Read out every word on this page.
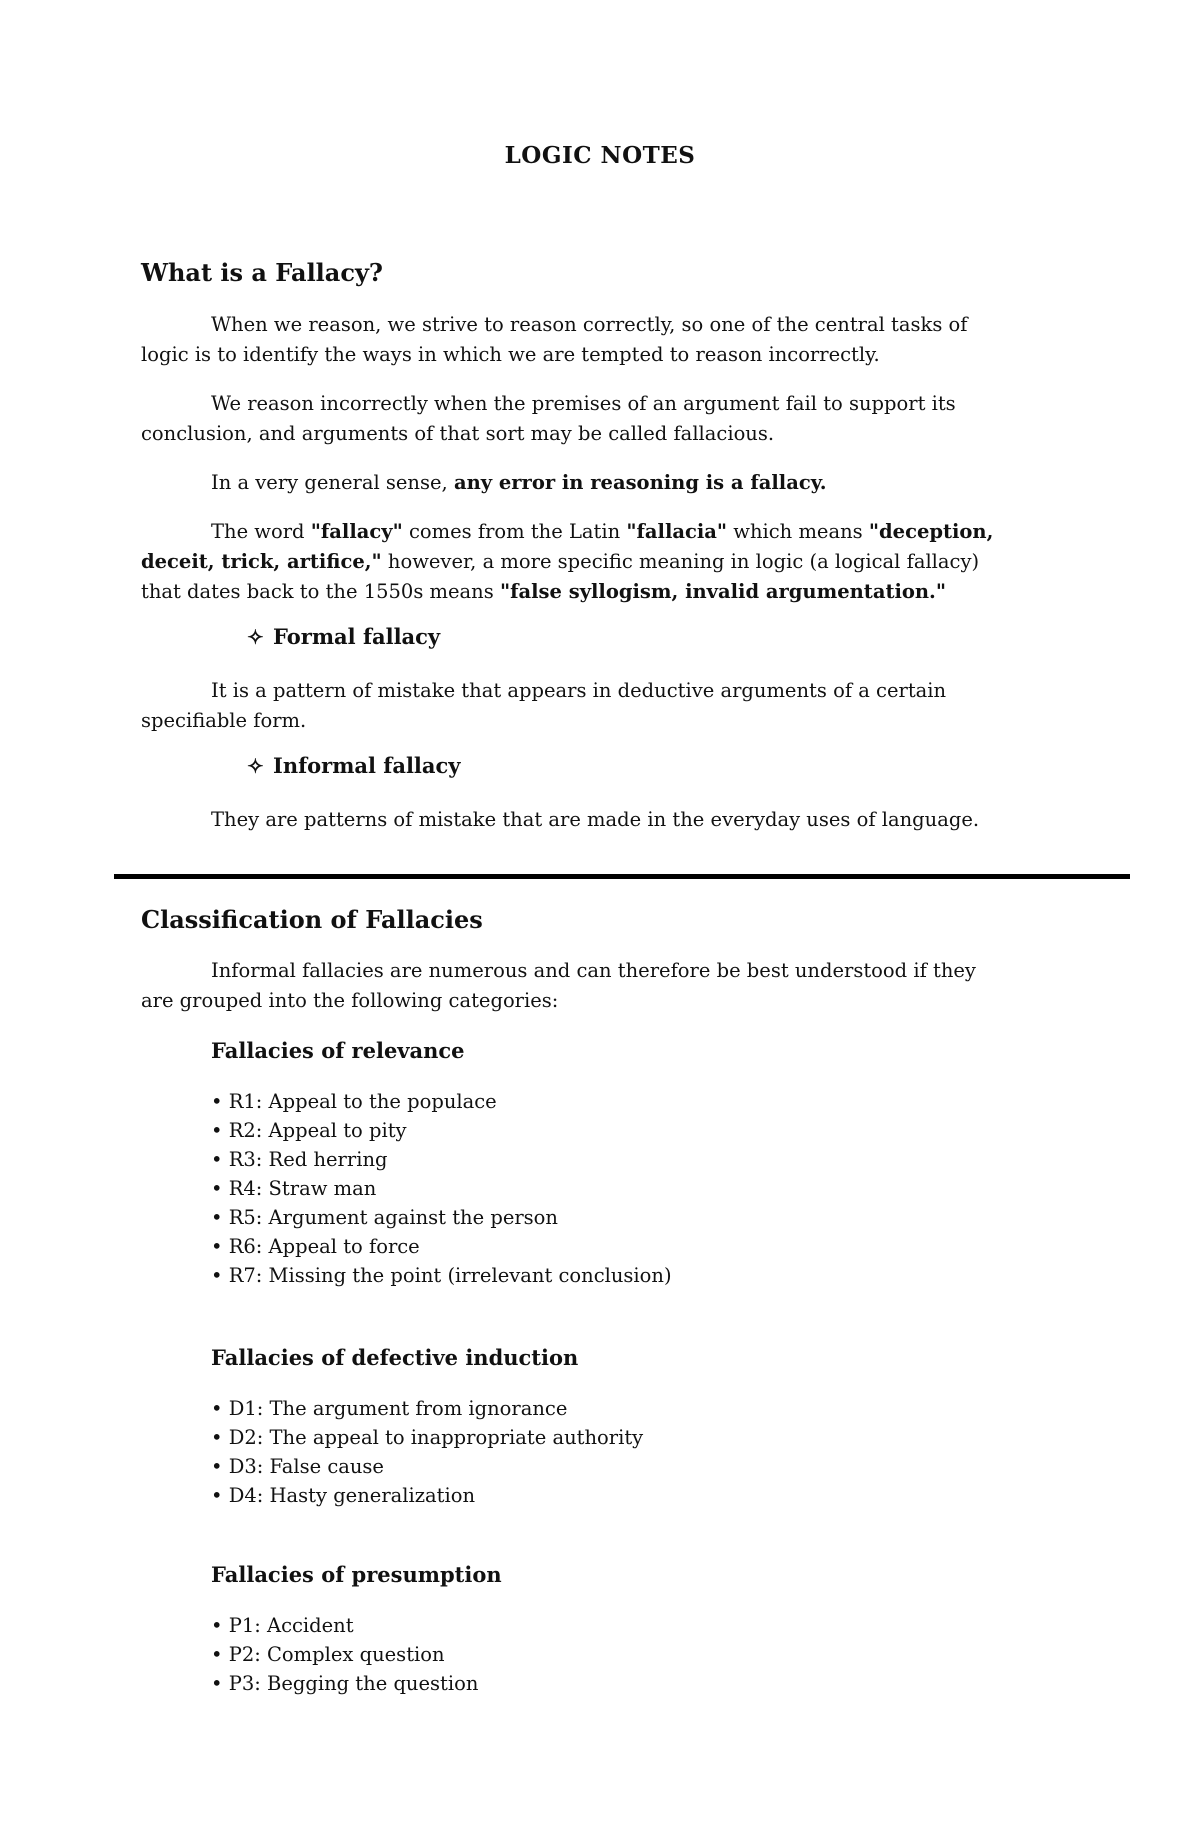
LOGIC NOTES
What is a Fallacy?

When we reason, we strive to reason correctly, so one of the central tasks of

logic is to identify the ways in which we are tempted to reason incorrectly.

We reason incorrectly when the premises of an argument fail to support its

conclusion, and arguments of that sort may be called fallacious.

In a very general sense, any error in reasoning is a fallacy.

The word "fallacy" comes from the Latin "fallacia" which means "deception,

deceit, trick, artifice," however, a more specific meaning in logic (a logical fallacy)

that dates back to the 1550s means "false syllogism, invalid argumentation."

✧ Formal fallacy

It is a pattern of mistake that appears in deductive arguments of a certain

specifiable form.

✧ Informal fallacy

They are patterns of mistake that are made in the everyday uses of language.

Classification of Fallacies

Informal fallacies are numerous and can therefore be best understood if they

are grouped into the following categories:

Fallacies of relevance
• R1: Appeal to the populace
• R2: Appeal to pity
• R3: Red herring
• R4: Straw man
• R5: Argument against the person
• R6: Appeal to force
• R7: Missing the point (irrelevant conclusion)
Fallacies of defective induction
• D1: The argument from ignorance
• D2: The appeal to inappropriate authority
• D3: False cause
• D4: Hasty generalization
Fallacies of presumption
• P1: Accident
• P2: Complex question
• P3: Begging the question
